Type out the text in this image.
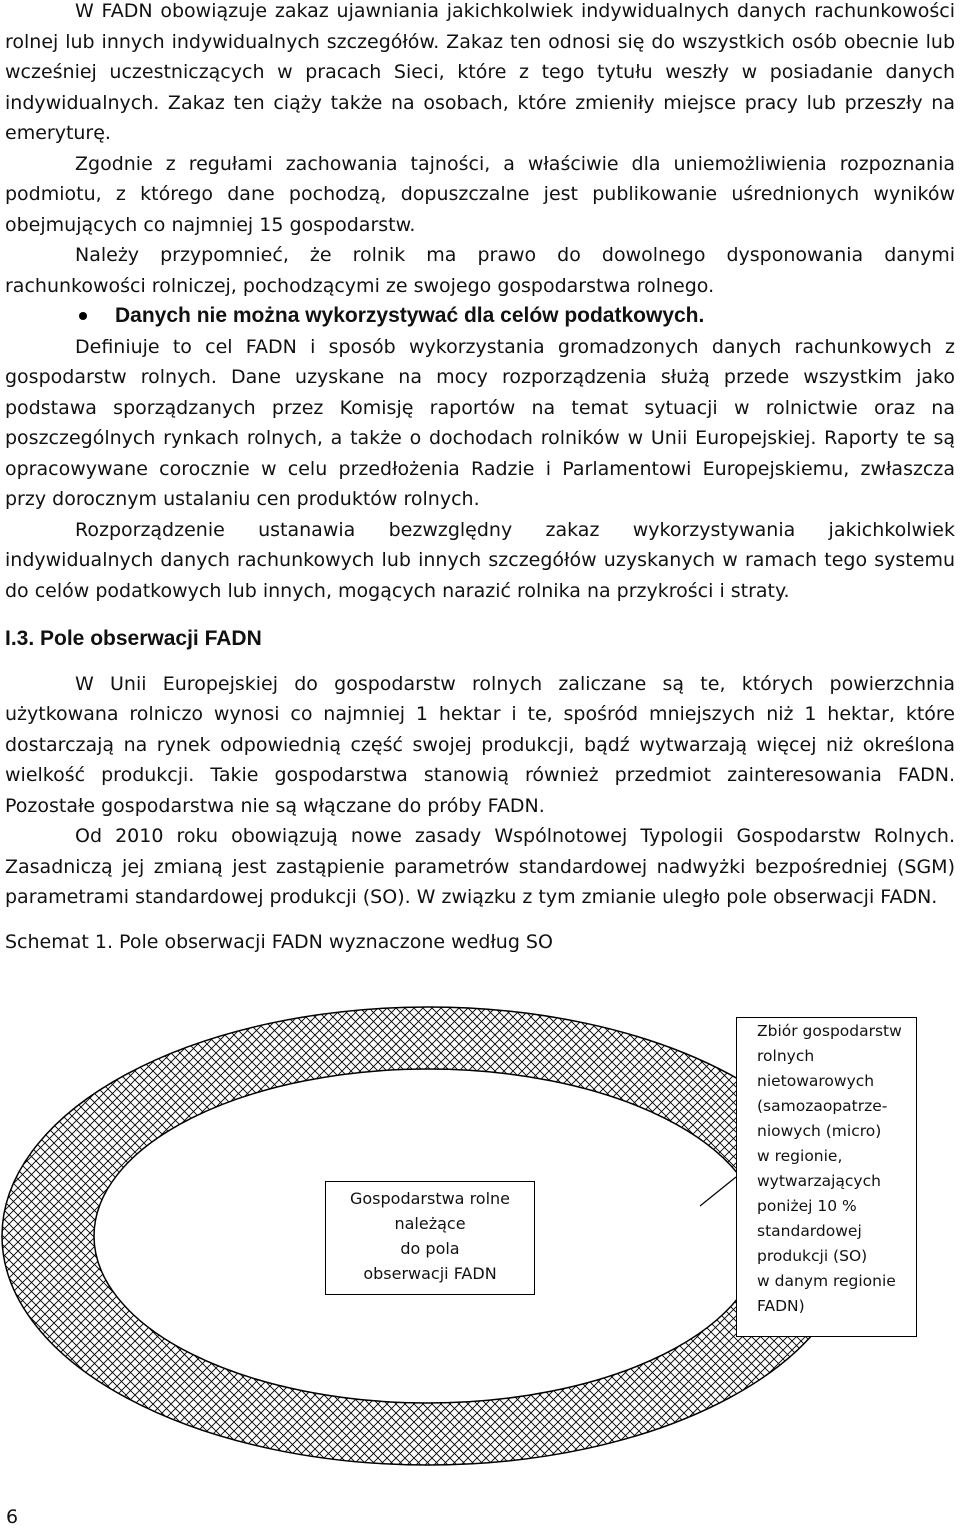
W FADN obowiązuje zakaz ujawniania jakichkolwiek indywidualnych danych rachunkowości rolnej lub innych indywidualnych szczegółów. Zakaz ten odnosi się do wszystkich osób obecnie lub wcześniej uczestniczących w pracach Sieci, które z tego tytułu weszły w posiadanie danych indywidualnych. Zakaz ten ciąży także na osobach, które zmieniły miejsce pracy lub przeszły na emeryturę.

Zgodnie z regułami zachowania tajności, a właściwie dla uniemożliwienia rozpoznania podmiotu, z którego dane pochodzą, dopuszczalne jest publikowanie uśrednionych wyników obejmujących co najmniej 15 gospodarstw.

Należy przypomnieć, że rolnik ma prawo do dowolnego dysponowania danymi rachunkowości rolniczej, pochodzącymi ze swojego gospodarstwa rolnego.

Danych nie można wykorzystywać dla celów podatkowych.

Definiuje to cel FADN i sposób wykorzystania gromadzonych danych rachunkowych z gospodarstw rolnych. Dane uzyskane na mocy rozporządzenia służą przede wszystkim jako podstawa sporządzanych przez Komisję raportów na temat sytuacji w rolnictwie oraz na poszczególnych rynkach rolnych, a także o dochodach rolników w Unii Europejskiej. Raporty te są opracowywane corocznie w celu przedłożenia Radzie i Parlamentowi Europejskiemu, zwłaszcza przy dorocznym ustalaniu cen produktów rolnych.

Rozporządzenie ustanawia bezwzględny zakaz wykorzystywania jakichkolwiek indywidualnych danych rachunkowych lub innych szczegółów uzyskanych w ramach tego systemu do celów podatkowych lub innych, mogących narazić rolnika na przykrości i straty.

I.3. Pole obserwacji FADN

W Unii Europejskiej do gospodarstw rolnych zaliczane są te, których powierzchnia użytkowana rolniczo wynosi co najmniej 1 hektar i te, spośród mniejszych niż 1 hektar, które dostarczają na rynek odpowiednią część swojej produkcji, bądź wytwarzają więcej niż określona wielkość produkcji. Takie gospodarstwa stanowią również przedmiot zainteresowania FADN. Pozostałe gospodarstwa nie są włączane do próby FADN.

Od 2010 roku obowiązują nowe zasady Wspólnotowej Typologii Gospodarstw Rolnych. Zasadniczą jej zmianą jest zastąpienie parametrów standardowej nadwyżki bezpośredniej (SGM) parametrami standardowej produkcji (SO). W związku z tym zmianie uległo pole obserwacji FADN.

Schemat 1. Pole obserwacji FADN wyznaczone według SO

Gospodarstwa rolne
należące
do pola
obserwacji FADN
Zbiór gospodarstw
rolnych
nietowarowych
(samozaopatrze-
niowych (micro)
w regionie,
wytwarzających
poniżej 10 %
standardowej
produkcji (SO)
w danym regionie
FADN)
6
